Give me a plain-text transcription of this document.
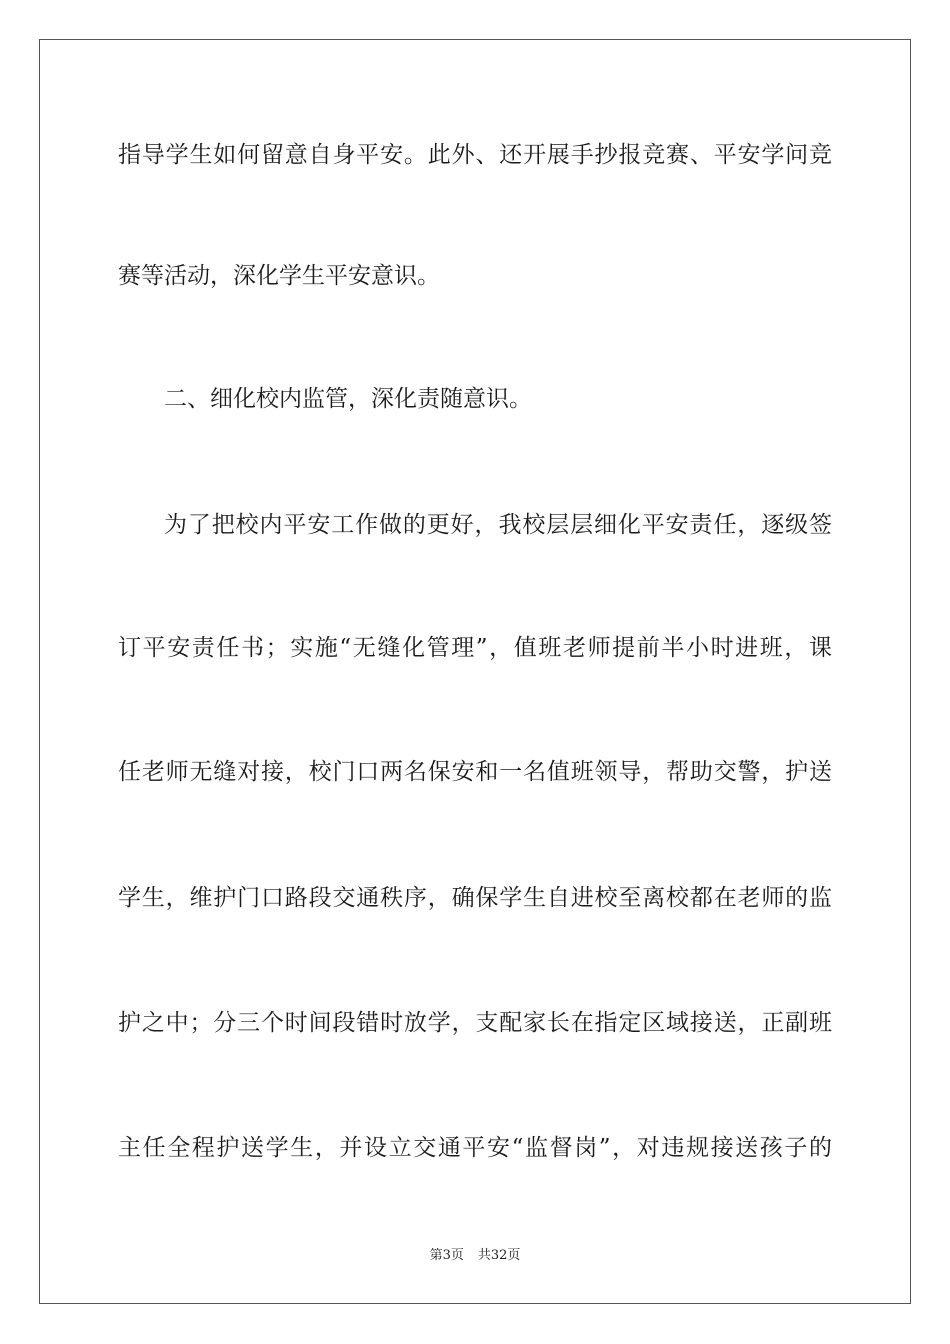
指导学生如何留意自身平安。此外、还开展手抄报竞赛、平安学问竞
赛等活动，深化学生平安意识。
二、细化校内监管，深化责随意识。
为了把校内平安工作做的更好，我校层层细化平安责任，逐级签
订平安责任书；实施“无缝化管理”，值班老师提前半小时进班，课
任老师无缝对接，校门口两名保安和一名值班领导，帮助交警，护送
学生，维护门口路段交通秩序，确保学生自进校至离校都在老师的监
护之中；分三个时间段错时放学，支配家长在指定区域接送，正副班
主任全程护送学生，并设立交通平安“监督岗”，对违规接送孩子的
第3页 共32页
